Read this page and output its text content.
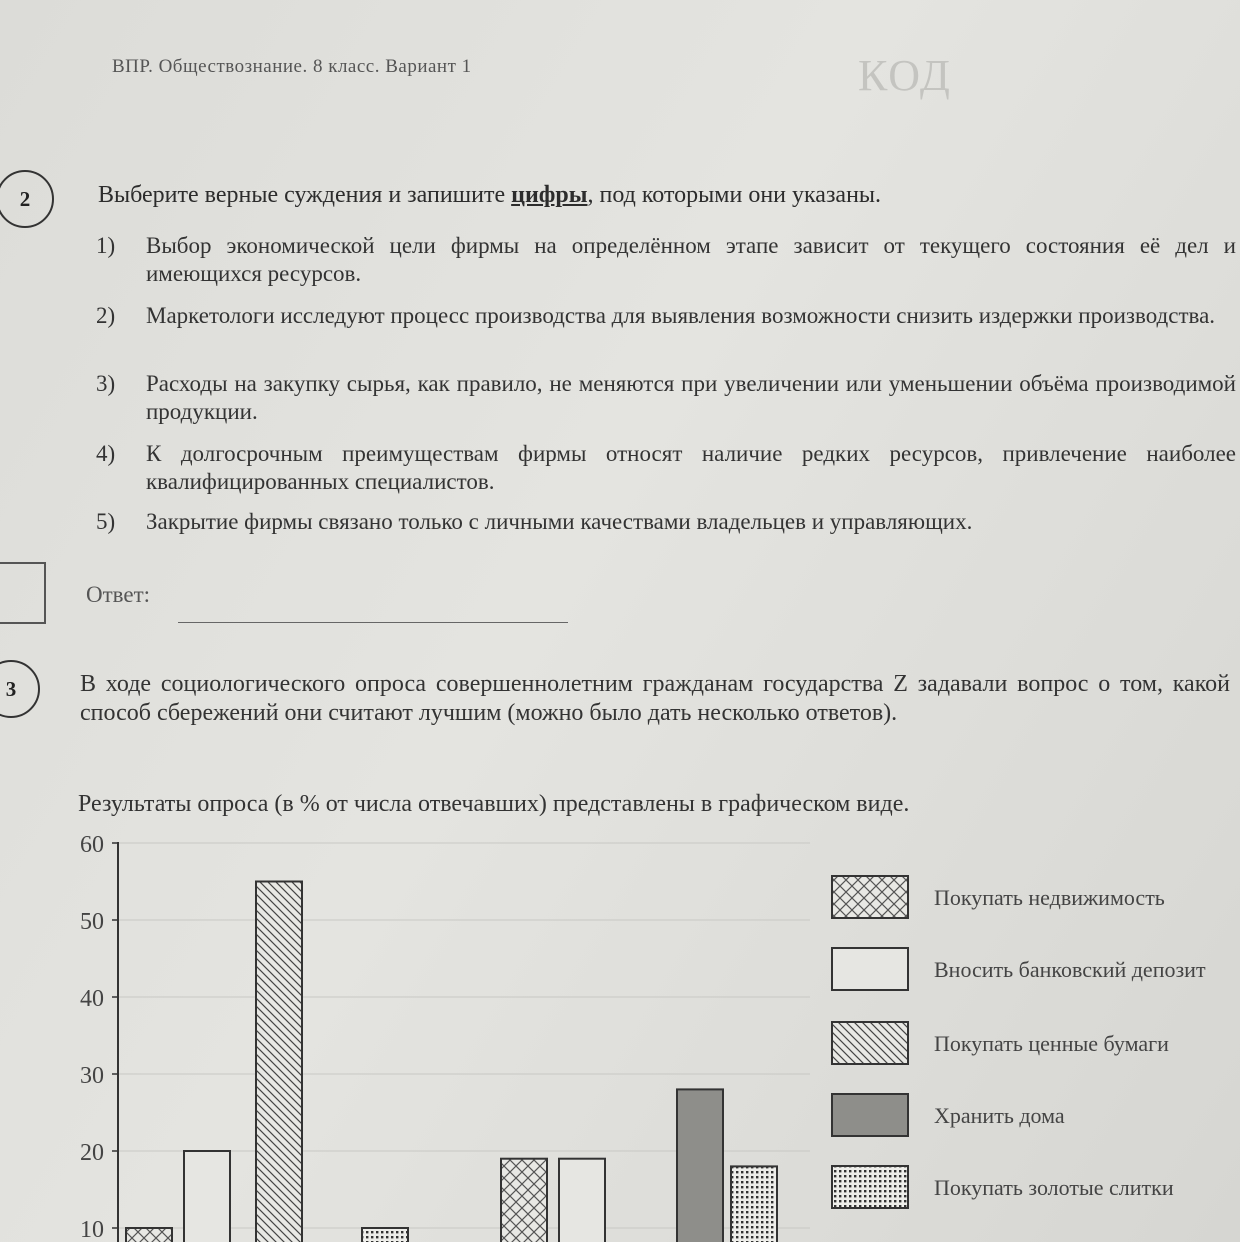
ВПР. Обществознание. 8 класс. Вариант 1	КОД
2	Выберите верные суждения и запишите цифры, под которыми они указаны.
1) Выбор экономической цели фирмы на определённом этапе зависит от текущего состояния её дел и имеющихся ресурсов.
2) Маркетологи исследуют процесс производства для выявления возможности снизить издержки производства.
3) Расходы на закупку сырья, как правило, не меняются при увеличении или уменьшении объёма производимой продукции.
4) К долгосрочным преимуществам фирмы относят наличие редких ресурсов, привлечение наиболее квалифицированных специалистов.
5) Закрытие фирмы связано только с личными качествами владельцев и управляющих.
Ответ:
3	В ходе социологического опроса совершеннолетним гражданам государства Z задавали вопрос о том, какой способ сбережений они считают лучшим (можно было дать несколько ответов).
Результаты опроса (в % от числа отвечавших) представлены в графическом виде.
10
20
30
40
50
60
Покупать недвижимость
Вносить банковский депозит
Покупать ценные бумаги
Хранить дома
Покупать золотые слитки
